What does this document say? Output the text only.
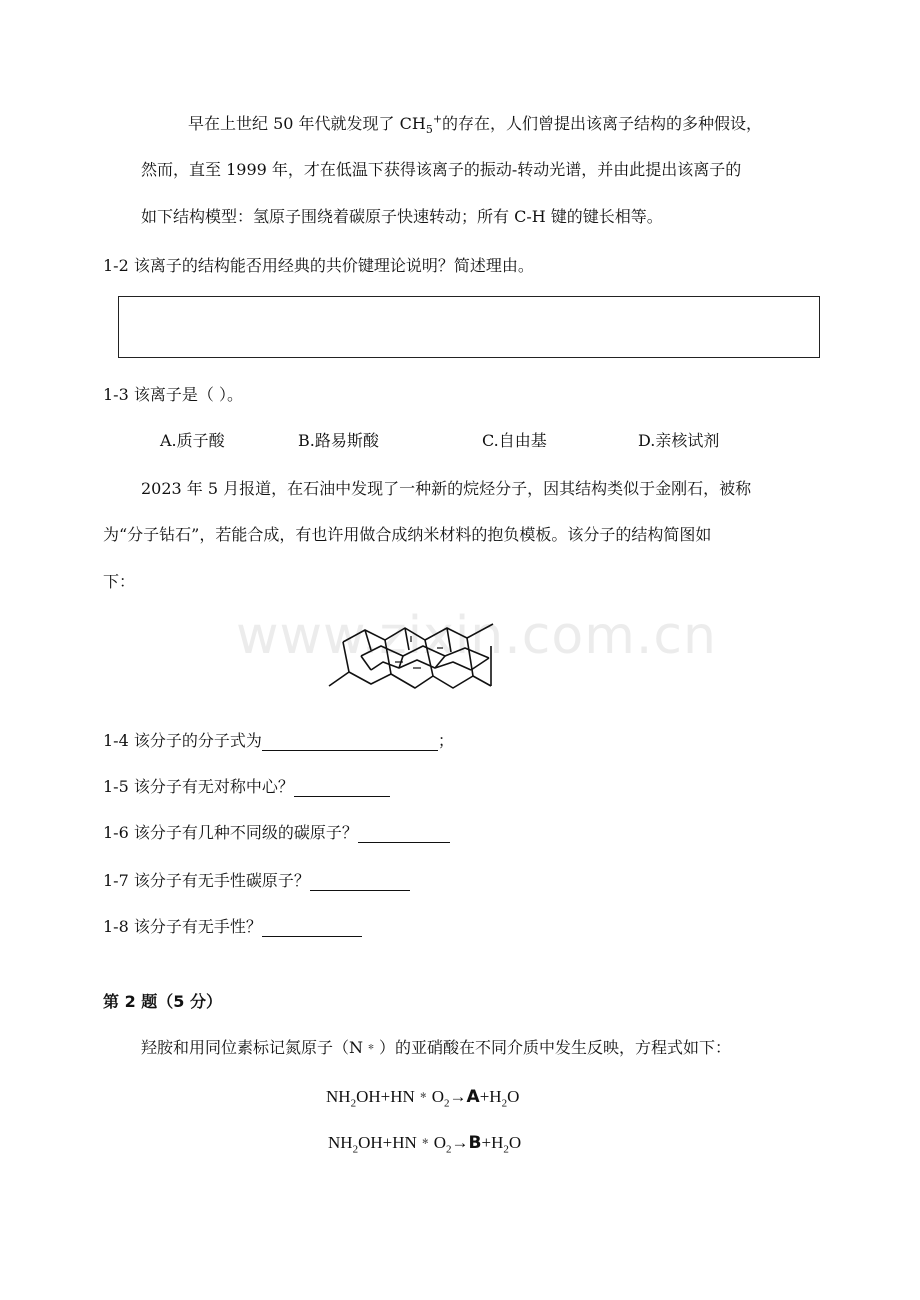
早在上世纪 50 年代就发现了 $CH_5^+$的存在，人们曾提出该离子结构的多种假设，
然而，直至 1999 年，才在低温下获得该离子的振动-转动光谱，并由此提出该离子的
如下结构模型：氢原子围绕着碳原子快速转动；所有 C-H 键的键长相等。
1-2 该离子的结构能否用经典的共价键理论说明？简述理由。
1-3 该离子是（ ）。
A.质子酸	B.路易斯酸	C.自由基	D.亲核试剂
2023 年 5 月报道，在石油中发现了一种新的烷烃分子，因其结构类似于金刚石，被称
为“分子钻石”，若能合成，有也许用做合成纳米材料的抱负模板。该分子的结构简图如
下：
www.zixin.com.cn
1-4 该分子的分子式为	；
1-5 该分子有无对称中心？
1-6 该分子有几种不同级的碳原子？
1-7 该分子有无手性碳原子？
1-8 该分子有无手性？
第 2 题（5 分）
羟胺和用同位素标记氮原子（N﹡）的亚硝酸在不同介质中发生反映，方程式如下：
$NH_2OH+HN﹡O_2\to A+H_2O$
$NH_2OH+HN﹡O_2\to B+H_2O$
